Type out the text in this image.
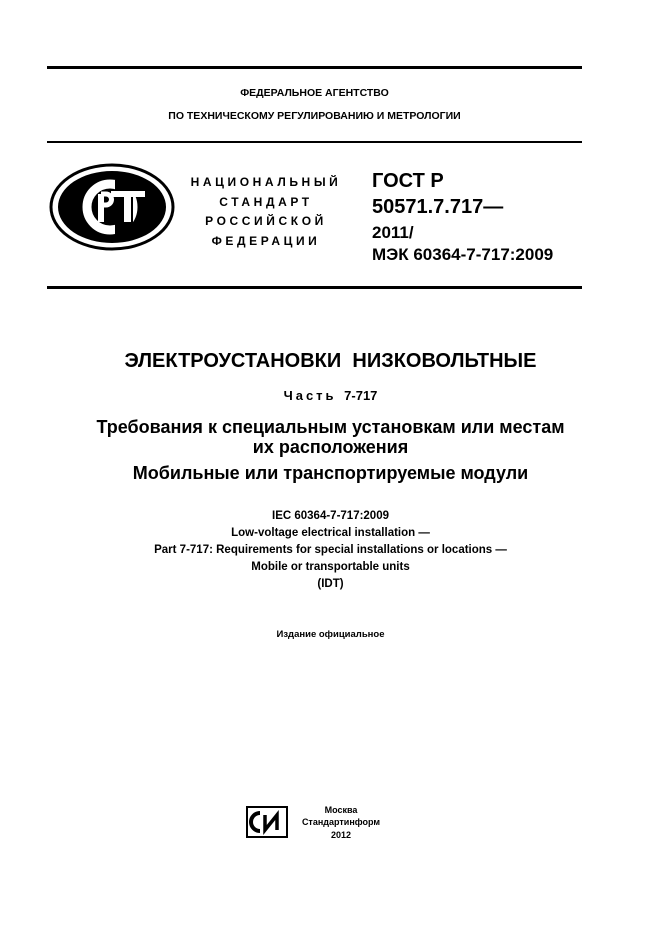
ФЕДЕРАЛЬНОЕ АГЕНТСТВО
ПО ТЕХНИЧЕСКОМУ РЕГУЛИРОВАНИЮ И МЕТРОЛОГИИ
НАЦИОНАЛЬНЫЙ
СТАНДАРТ
РОССИЙСКОЙ
ФЕДЕРАЦИИ
ГОСТ Р
50571.7.717—
2011/
МЭК 60364-7-717:2009
ЭЛЕКТРОУСТАНОВКИ  НИЗКОВОЛЬТНЫЕ
Часть 7-717
Требования к специальным установкам или местам
их расположения
Мобильные или транспортируемые модули
IEC 60364-7-717:2009
Low-voltage electrical installation —
Part 7-717: Requirements for special installations or locations —
Mobile or transportable units
(IDT)
Издание официальное
Москва
Стандартинформ
2012
